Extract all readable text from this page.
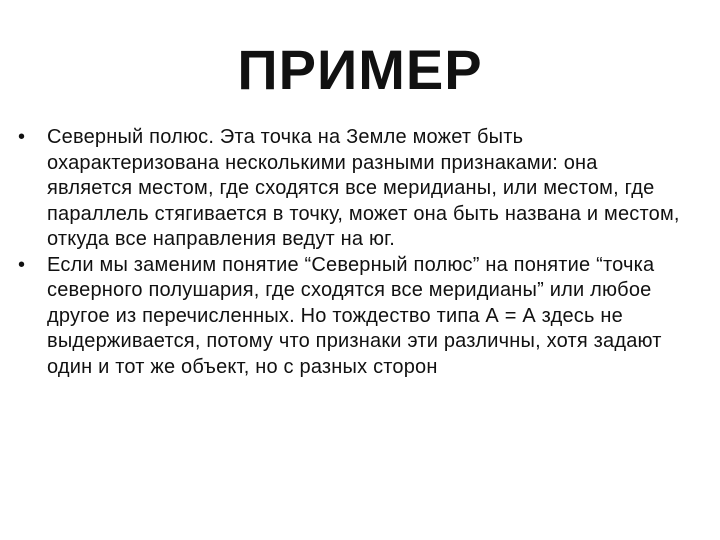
ПРИМЕР
• Северный полюс. Эта точка на Земле может быть охарактеризована несколькими разными признаками: она является местом, где сходятся все меридианы, или местом, где параллель стягивается в точку, может она быть названа и местом, откуда все направления ведут на юг.
• Если мы заменим понятие “Северный полюс” на понятие “точка северного полушария, где сходятся все меридианы” или любое другое из перечисленных. Но тождество типа А = А здесь не выдерживается, потому что признаки эти различны, хотя задают один и тот же объект, но с разных сторон
